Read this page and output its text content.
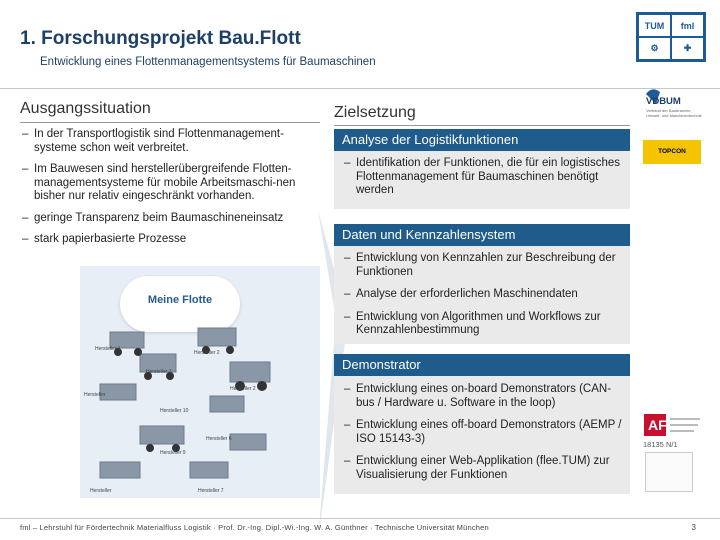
1. Forschungsprojekt Bau.Flott
Entwicklung eines Flottenmanagementsystems für Baumaschinen
TUM	fml
⚙	✚
Ausgangssituation
– In der Transportlogistik sind Flottenmanagement-systeme schon weit verbreitet.
– Im Bauwesen sind herstellerübergreifende Flotten-managementsysteme für mobile Arbeitsmaschi-nen bisher nur relativ eingeschränkt vorhanden.
– geringe Transparenz beim Baumaschineneinsatz
– stark papierbasierte Prozesse
Meine Flotte
Hersteller 1
Hersteller 2
Hersteller 3
Hersteller 2
Hersteller
Hersteller 10
Hersteller 6
Hersteller 9
Hersteller	Hersteller 7
Zielsetzung
Analyse der Logistikfunktionen
– Identifikation der Funktionen, die für ein logistisches Flottenmanagement für Baumaschinen benötigt werden
Daten und Kennzahlensystem
– Entwicklung von Kennzahlen zur Beschreibung der Funktionen
– Analyse der erforderlichen Maschinendaten
– Entwicklung von Algorithmen und Workflows zur Kennzahlenbestimmung
Demonstrator
– Entwicklung eines on-board Demonstrators (CAN-bus / Hardware u. Software in the loop)
– Entwicklung eines off-board Demonstrators (AEMP / ISO 15143-3)
– Entwicklung einer Web-Applikation (flee.TUM) zur Visualisierung der Funktionen
VDBUM
Verband der Baubranche, Umwelt- und Maschinentechnik
TOPCON
AF
18135 N/1
fml – Lehrstuhl für Fördertechnik Materialfluss Logistik · Prof. Dr.-Ing. Dipl.-Wi.-Ing. W. A. Günthner · Technische Universität München	3
